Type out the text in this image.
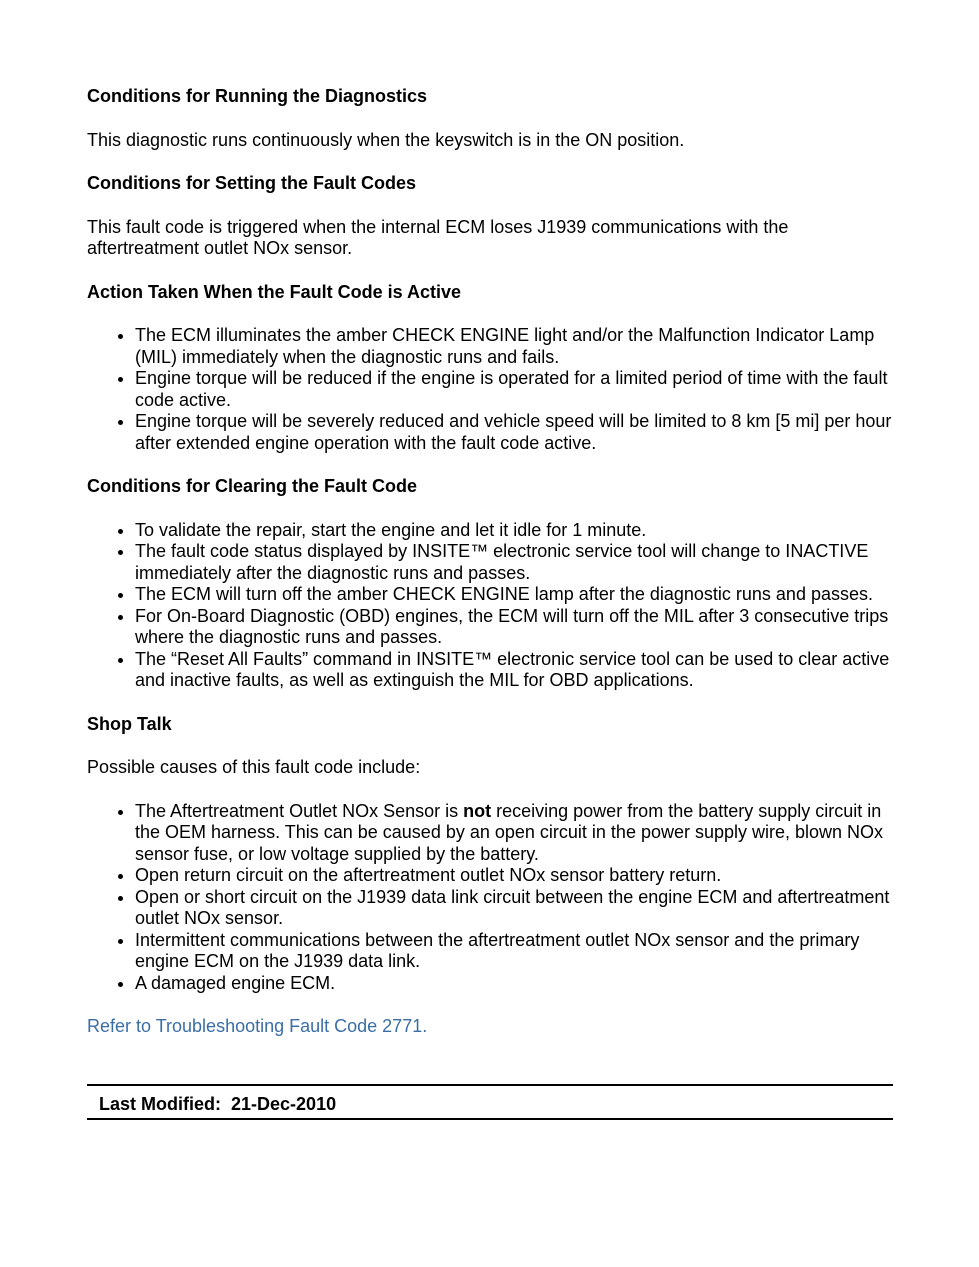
Conditions for Running the Diagnostics
This diagnostic runs continuously when the keyswitch is in the ON position.
Conditions for Setting the Fault Codes
This fault code is triggered when the internal ECM loses J1939 communications with the aftertreatment outlet NOx sensor.
Action Taken When the Fault Code is Active
The ECM illuminates the amber CHECK ENGINE light and/or the Malfunction Indicator Lamp (MIL) immediately when the diagnostic runs and fails.
Engine torque will be reduced if the engine is operated for a limited period of time with the fault code active.
Engine torque will be severely reduced and vehicle speed will be limited to 8 km [5 mi] per hour after extended engine operation with the fault code active.
Conditions for Clearing the Fault Code
To validate the repair, start the engine and let it idle for 1 minute.
The fault code status displayed by INSITE™ electronic service tool will change to INACTIVE immediately after the diagnostic runs and passes.
The ECM will turn off the amber CHECK ENGINE lamp after the diagnostic runs and passes.
For On-Board Diagnostic (OBD) engines, the ECM will turn off the MIL after 3 consecutive trips where the diagnostic runs and passes.
The “Reset All Faults” command in INSITE™ electronic service tool can be used to clear active and inactive faults, as well as extinguish the MIL for OBD applications.
Shop Talk
Possible causes of this fault code include:
The Aftertreatment Outlet NOx Sensor is not receiving power from the battery supply circuit in the OEM harness. This can be caused by an open circuit in the power supply wire, blown NOx sensor fuse, or low voltage supplied by the battery.
Open return circuit on the aftertreatment outlet NOx sensor battery return.
Open or short circuit on the J1939 data link circuit between the engine ECM and aftertreatment outlet NOx sensor.
Intermittent communications between the aftertreatment outlet NOx sensor and the primary engine ECM on the J1939 data link.
A damaged engine ECM.
Refer to Troubleshooting Fault Code 2771.
Last Modified: 21-Dec-2010
